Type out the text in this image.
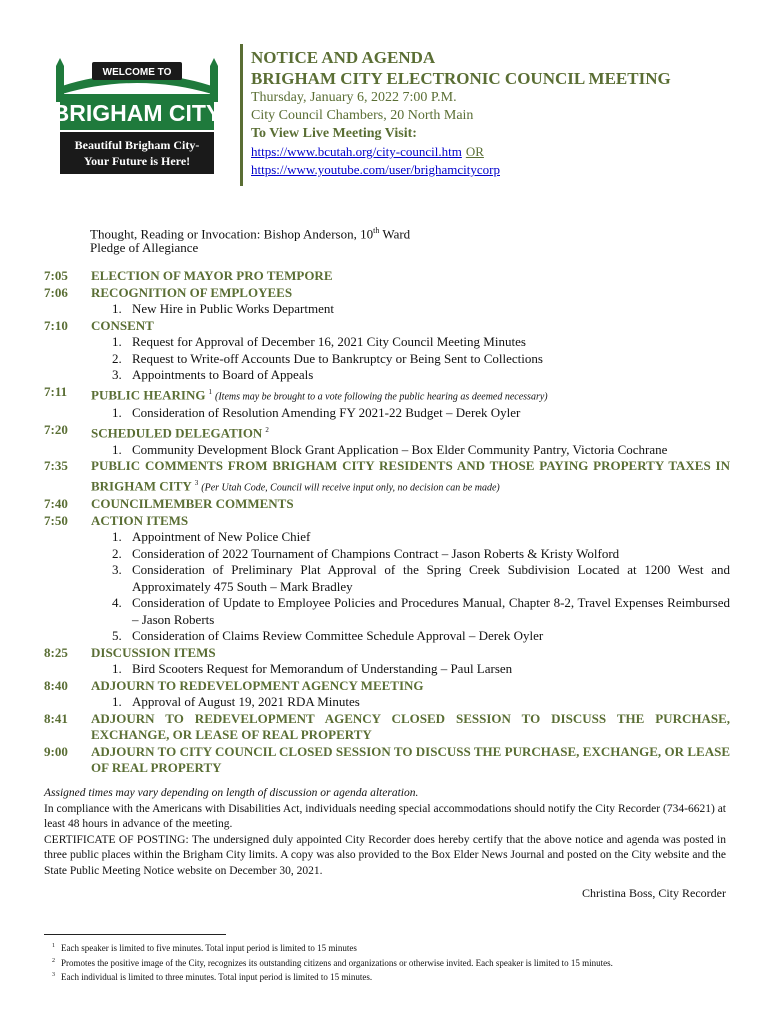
WELCOME TO
BRIGHAM CITY
Beautiful Brigham City-
Your Future is Here!
NOTICE AND AGENDA
BRIGHAM CITY ELECTRONIC COUNCIL MEETING
Thursday, January 6, 2022 7:00 P.M.
City Council Chambers, 20 North Main
To View Live Meeting Visit:
https://www.bcutah.org/city-council.htm OR
https://www.youtube.com/user/brighamcitycorp
Thought, Reading or Invocation: Bishop Anderson, 10th Ward
Pledge of Allegiance
7:05	ELECTION OF MAYOR PRO TEMPORE
7:06	RECOGNITION OF EMPLOYEES
1. New Hire in Public Works Department
7:10	CONSENT
1. Request for Approval of December 16, 2021 City Council Meeting Minutes
2. Request to Write-off Accounts Due to Bankruptcy or Being Sent to Collections
3. Appointments to Board of Appeals
7:11	PUBLIC HEARING $^1$ (Items may be brought to a vote following the public hearing as deemed necessary)
1. Consideration of Resolution Amending FY 2021-22 Budget – Derek Oyler
7:20	SCHEDULED DELEGATION $^2$
1. Community Development Block Grant Application – Box Elder Community Pantry, Victoria Cochrane
7:35	PUBLIC COMMENTS FROM BRIGHAM CITY RESIDENTS AND THOSE PAYING PROPERTY TAXES IN BRIGHAM CITY $^3$ (Per Utah Code, Council will receive input only, no decision can be made)
7:40	COUNCILMEMBER COMMENTS
7:50	ACTION ITEMS
1. Appointment of New Police Chief
2. Consideration of 2022 Tournament of Champions Contract – Jason Roberts & Kristy Wolford
3. Consideration of Preliminary Plat Approval of the Spring Creek Subdivision Located at 1200 West and Approximately 475 South – Mark Bradley
4. Consideration of Update to Employee Policies and Procedures Manual, Chapter 8-2, Travel Expenses Reimbursed – Jason Roberts
5. Consideration of Claims Review Committee Schedule Approval – Derek Oyler
8:25	DISCUSSION ITEMS
1. Bird Scooters Request for Memorandum of Understanding – Paul Larsen
8:40	ADJOURN TO REDEVELOPMENT AGENCY MEETING
1. Approval of August 19, 2021 RDA Minutes
8:41	ADJOURN TO REDEVELOPMENT AGENCY CLOSED SESSION TO DISCUSS THE PURCHASE, EXCHANGE, OR LEASE OF REAL PROPERTY
9:00	ADJOURN TO CITY COUNCIL CLOSED SESSION TO DISCUSS THE PURCHASE, EXCHANGE, OR LEASE OF REAL PROPERTY
Assigned times may vary depending on length of discussion or agenda alteration.
In compliance with the Americans with Disabilities Act, individuals needing special accommodations should notify the City Recorder (734-6621) at least 48 hours in advance of the meeting.
CERTIFICATE OF POSTING: The undersigned duly appointed City Recorder does hereby certify that the above notice and agenda was posted in three public places within the Brigham City limits. A copy was also provided to the Box Elder News Journal and posted on the City website and the State Public Meeting Notice website on December 30, 2021.
Christina Boss, City Recorder
$^1$ Each speaker is limited to five minutes. Total input period is limited to 15 minutes
$^2$ Promotes the positive image of the City, recognizes its outstanding citizens and organizations or otherwise invited. Each speaker is limited to 15 minutes.
$^3$ Each individual is limited to three minutes. Total input period is limited to 15 minutes.
